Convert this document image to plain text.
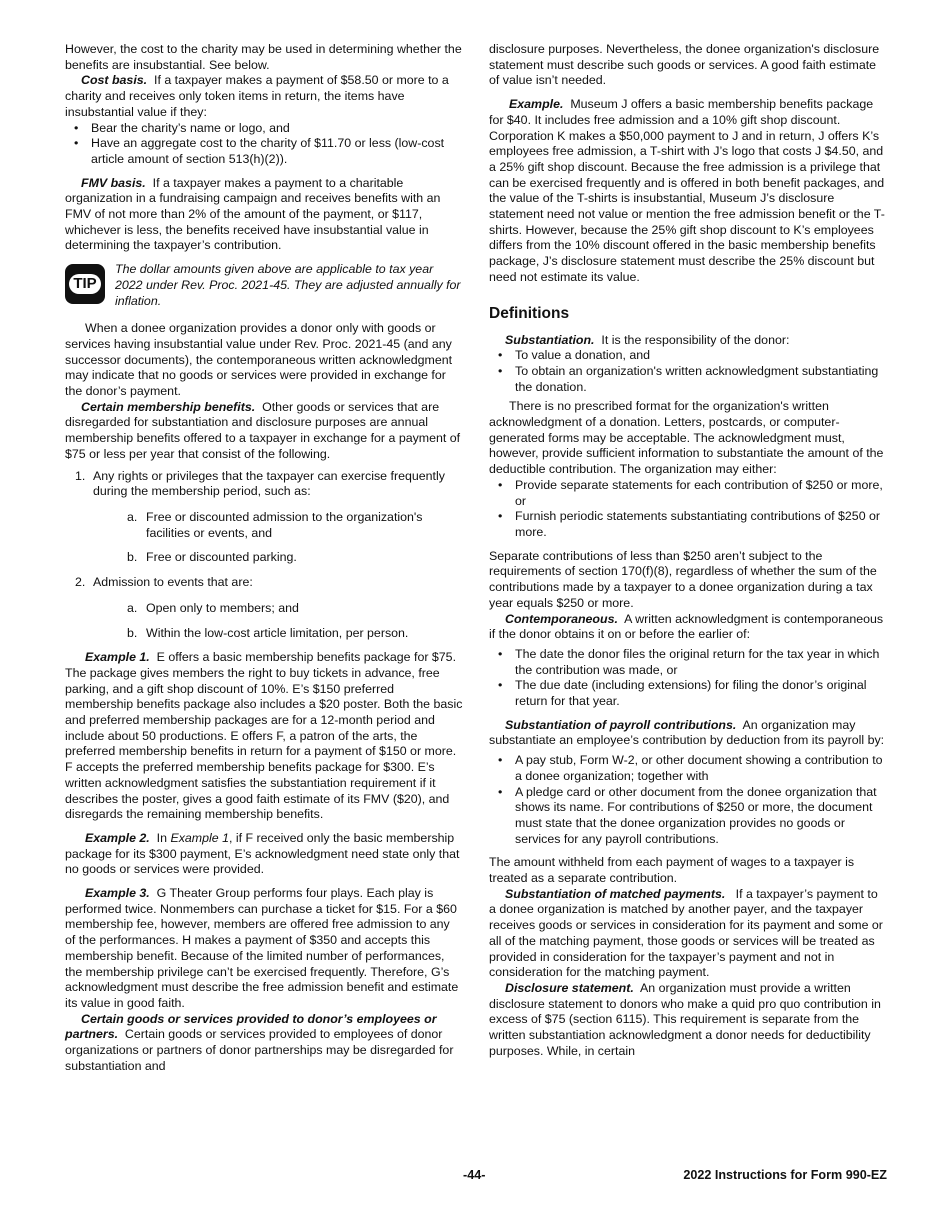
However, the cost to the charity may be used in determining whether the benefits are insubstantial. See below.

Cost basis. If a taxpayer makes a payment of $58.50 or more to a charity and receives only token items in return, the items have insubstantial value if they:

• Bear the charity’s name or logo, and
• Have an aggregate cost to the charity of $11.70 or less (low-cost article amount of section 513(h)(2)).

FMV basis. If a taxpayer makes a payment to a charitable organization in a fundraising campaign and receives benefits with an FMV of not more than 2% of the amount of the payment, or $117, whichever is less, the benefits received have insubstantial value in determining the taxpayer’s contribution.

TIP

The dollar amounts given above are applicable to tax year 2022 under Rev. Proc. 2021-45. They are adjusted annually for inflation.

When a donee organization provides a donor only with goods or services having insubstantial value under Rev. Proc. 2021-45 (and any successor documents), the contemporaneous written acknowledgment may indicate that no goods or services were provided in exchange for the donor’s payment.

Certain membership benefits. Other goods or services that are disregarded for substantiation and disclosure purposes are annual membership benefits offered to a taxpayer in exchange for a payment of $75 or less per year that consist of the following.

1. Any rights or privileges that the taxpayer can exercise frequently during the membership period, such as:
a. Free or discounted admission to the organization's facilities or events, and
b. Free or discounted parking.
2. Admission to events that are:
a. Open only to members; and
b. Within the low-cost article limitation, per person.

Example 1. E offers a basic membership benefits package for $75. The package gives members the right to buy tickets in advance, free parking, and a gift shop discount of 10%. E’s $150 preferred membership benefits package also includes a $20 poster. Both the basic and preferred membership packages are for a 12-month period and include about 50 productions. E offers F, a patron of the arts, the preferred membership benefits in return for a payment of $150 or more. F accepts the preferred membership benefits package for $300. E’s written acknowledgment satisfies the substantiation requirement if it describes the poster, gives a good faith estimate of its FMV ($20), and disregards the remaining membership benefits.

Example 2. In Example 1, if F received only the basic membership package for its $300 payment, E’s acknowledgment need state only that no goods or services were provided.

Example 3. G Theater Group performs four plays. Each play is performed twice. Nonmembers can purchase a ticket for $15. For a $60 membership fee, however, members are offered free admission to any of the performances. H makes a payment of $350 and accepts this membership benefit. Because of the limited number of performances, the membership privilege can’t be exercised frequently. Therefore, G’s acknowledgment must describe the free admission benefit and estimate its value in good faith.

Certain goods or services provided to donor’s employees or partners. Certain goods or services provided to employees of donor organizations or partners of donor partnerships may be disregarded for substantiation and

disclosure purposes. Nevertheless, the donee organization's disclosure statement must describe such goods or services. A good faith estimate of value isn’t needed.

Example. Museum J offers a basic membership benefits package for $40. It includes free admission and a 10% gift shop discount. Corporation K makes a $50,000 payment to J and in return, J offers K’s employees free admission, a T-shirt with J’s logo that costs J $4.50, and a 25% gift shop discount. Because the free admission is a privilege that can be exercised frequently and is offered in both benefit packages, and the value of the T-shirts is insubstantial, Museum J’s disclosure statement need not value or mention the free admission benefit or the T-shirts. However, because the 25% gift shop discount to K’s employees differs from the 10% discount offered in the basic membership benefits package, J’s disclosure statement must describe the 25% discount but need not estimate its value.

Definitions

Substantiation. It is the responsibility of the donor:

• To value a donation, and
• To obtain an organization's written acknowledgment substantiating the donation.

There is no prescribed format for the organization's written acknowledgment of a donation. Letters, postcards, or computer-generated forms may be acceptable. The acknowledgment must, however, provide sufficient information to substantiate the amount of the deductible contribution. The organization may either:

• Provide separate statements for each contribution of $250 or more, or
• Furnish periodic statements substantiating contributions of $250 or more.

Separate contributions of less than $250 aren’t subject to the requirements of section 170(f)(8), regardless of whether the sum of the contributions made by a taxpayer to a donee organization during a tax year equals $250 or more.

Contemporaneous. A written acknowledgment is contemporaneous if the donor obtains it on or before the earlier of:

• The date the donor files the original return for the tax year in which the contribution was made, or
• The due date (including extensions) for filing the donor’s original return for that year.

Substantiation of payroll contributions. An organization may substantiate an employee’s contribution by deduction from its payroll by:

• A pay stub, Form W-2, or other document showing a contribution to a donee organization; together with
• A pledge card or other document from the donee organization that shows its name. For contributions of $250 or more, the document must state that the donee organization provides no goods or services for any payroll contributions.

The amount withheld from each payment of wages to a taxpayer is treated as a separate contribution.

Substantiation of matched payments. If a taxpayer’s payment to a donee organization is matched by another payer, and the taxpayer receives goods or services in consideration for its payment and some or all of the matching payment, those goods or services will be treated as provided in consideration for the taxpayer’s payment and not in consideration for the matching payment.

Disclosure statement. An organization must provide a written disclosure statement to donors who make a quid pro quo contribution in excess of $75 (section 6115). This requirement is separate from the written substantiation acknowledgment a donor needs for deductibility purposes. While, in certain

-44-	2022 Instructions for Form 990-EZ
